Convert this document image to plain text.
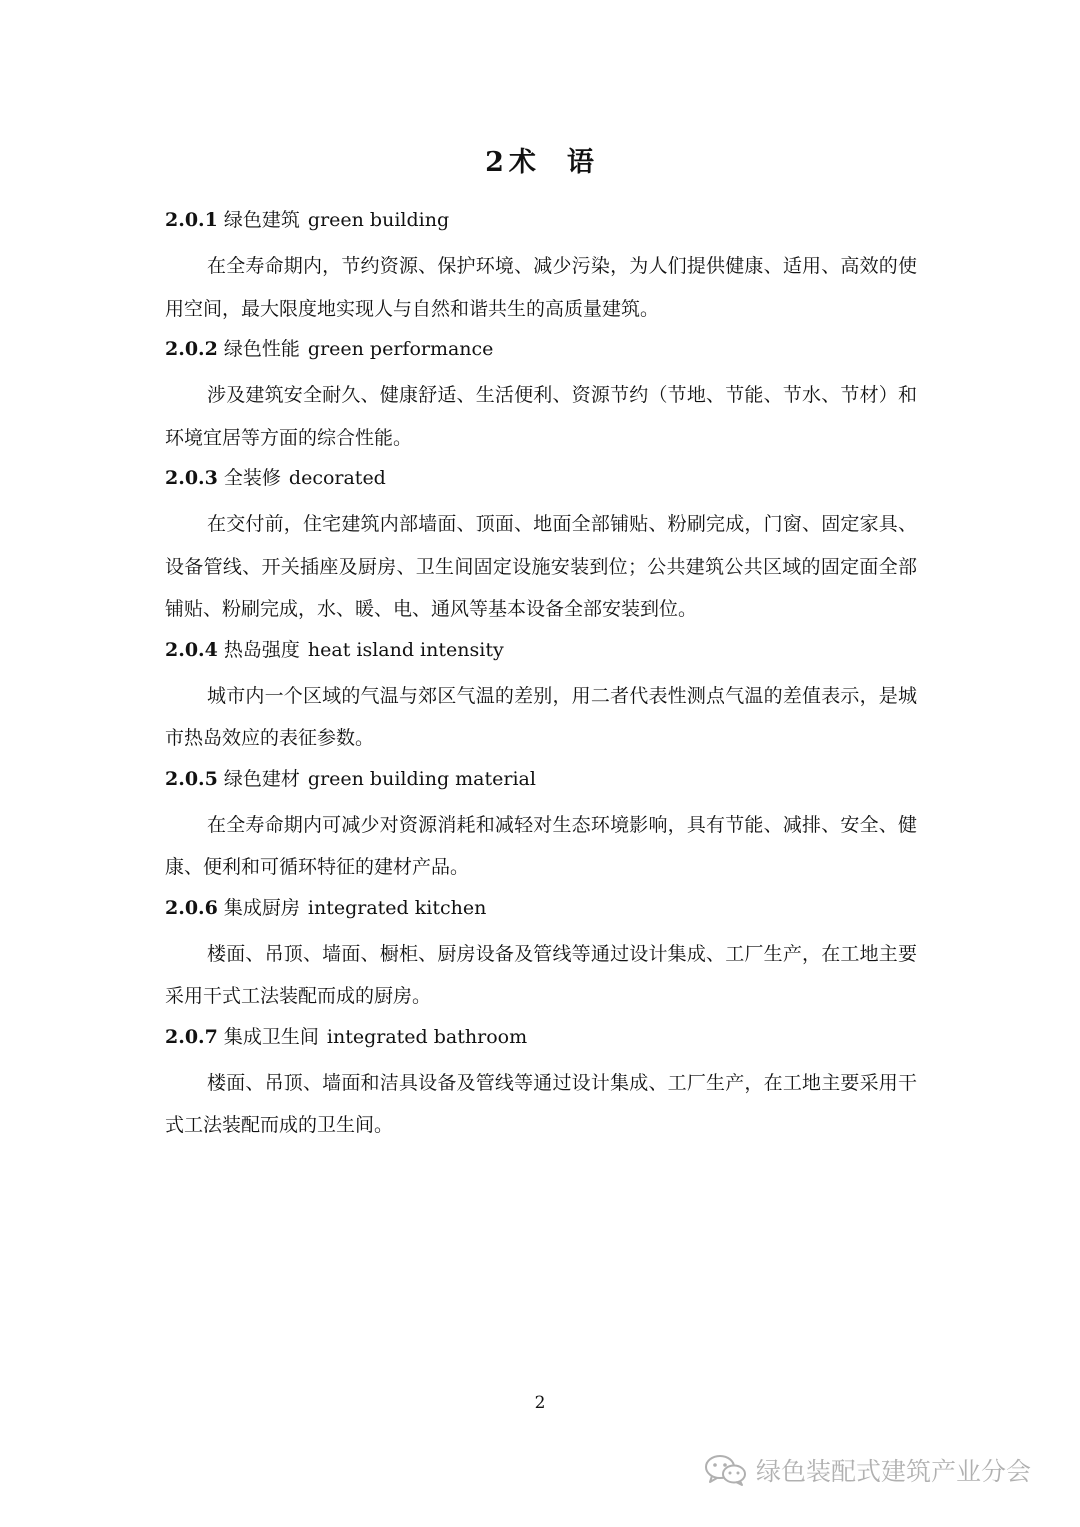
2 术 语
2.0.1 绿色建筑 green building

在全寿命期内，节约资源、保护环境、减少污染，为人们提供健康、适用、高效的使用空间，最大限度地实现人与自然和谐共生的高质量建筑。

2.0.2 绿色性能 green performance

涉及建筑安全耐久、健康舒适、生活便利、资源节约（节地、节能、节水、节材）和环境宜居等方面的综合性能。

2.0.3 全装修 decorated

在交付前，住宅建筑内部墙面、顶面、地面全部铺贴、粉刷完成，门窗、固定家具、设备管线、开关插座及厨房、卫生间固定设施安装到位；公共建筑公共区域的固定面全部铺贴、粉刷完成，水、暖、电、通风等基本设备全部安装到位。

2.0.4 热岛强度 heat island intensity

城市内一个区域的气温与郊区气温的差别，用二者代表性测点气温的差值表示，是城市热岛效应的表征参数。

2.0.5 绿色建材 green building material

在全寿命期内可减少对资源消耗和减轻对生态环境影响，具有节能、减排、安全、健康、便利和可循环特征的建材产品。

2.0.6 集成厨房 integrated kitchen

楼面、吊顶、墙面、橱柜、厨房设备及管线等通过设计集成、工厂生产，在工地主要采用干式工法装配而成的厨房。

2.0.7 集成卫生间 integrated bathroom

楼面、吊顶、墙面和洁具设备及管线等通过设计集成、工厂生产，在工地主要采用干式工法装配而成的卫生间。

2
绿色装配式建筑产业分会
